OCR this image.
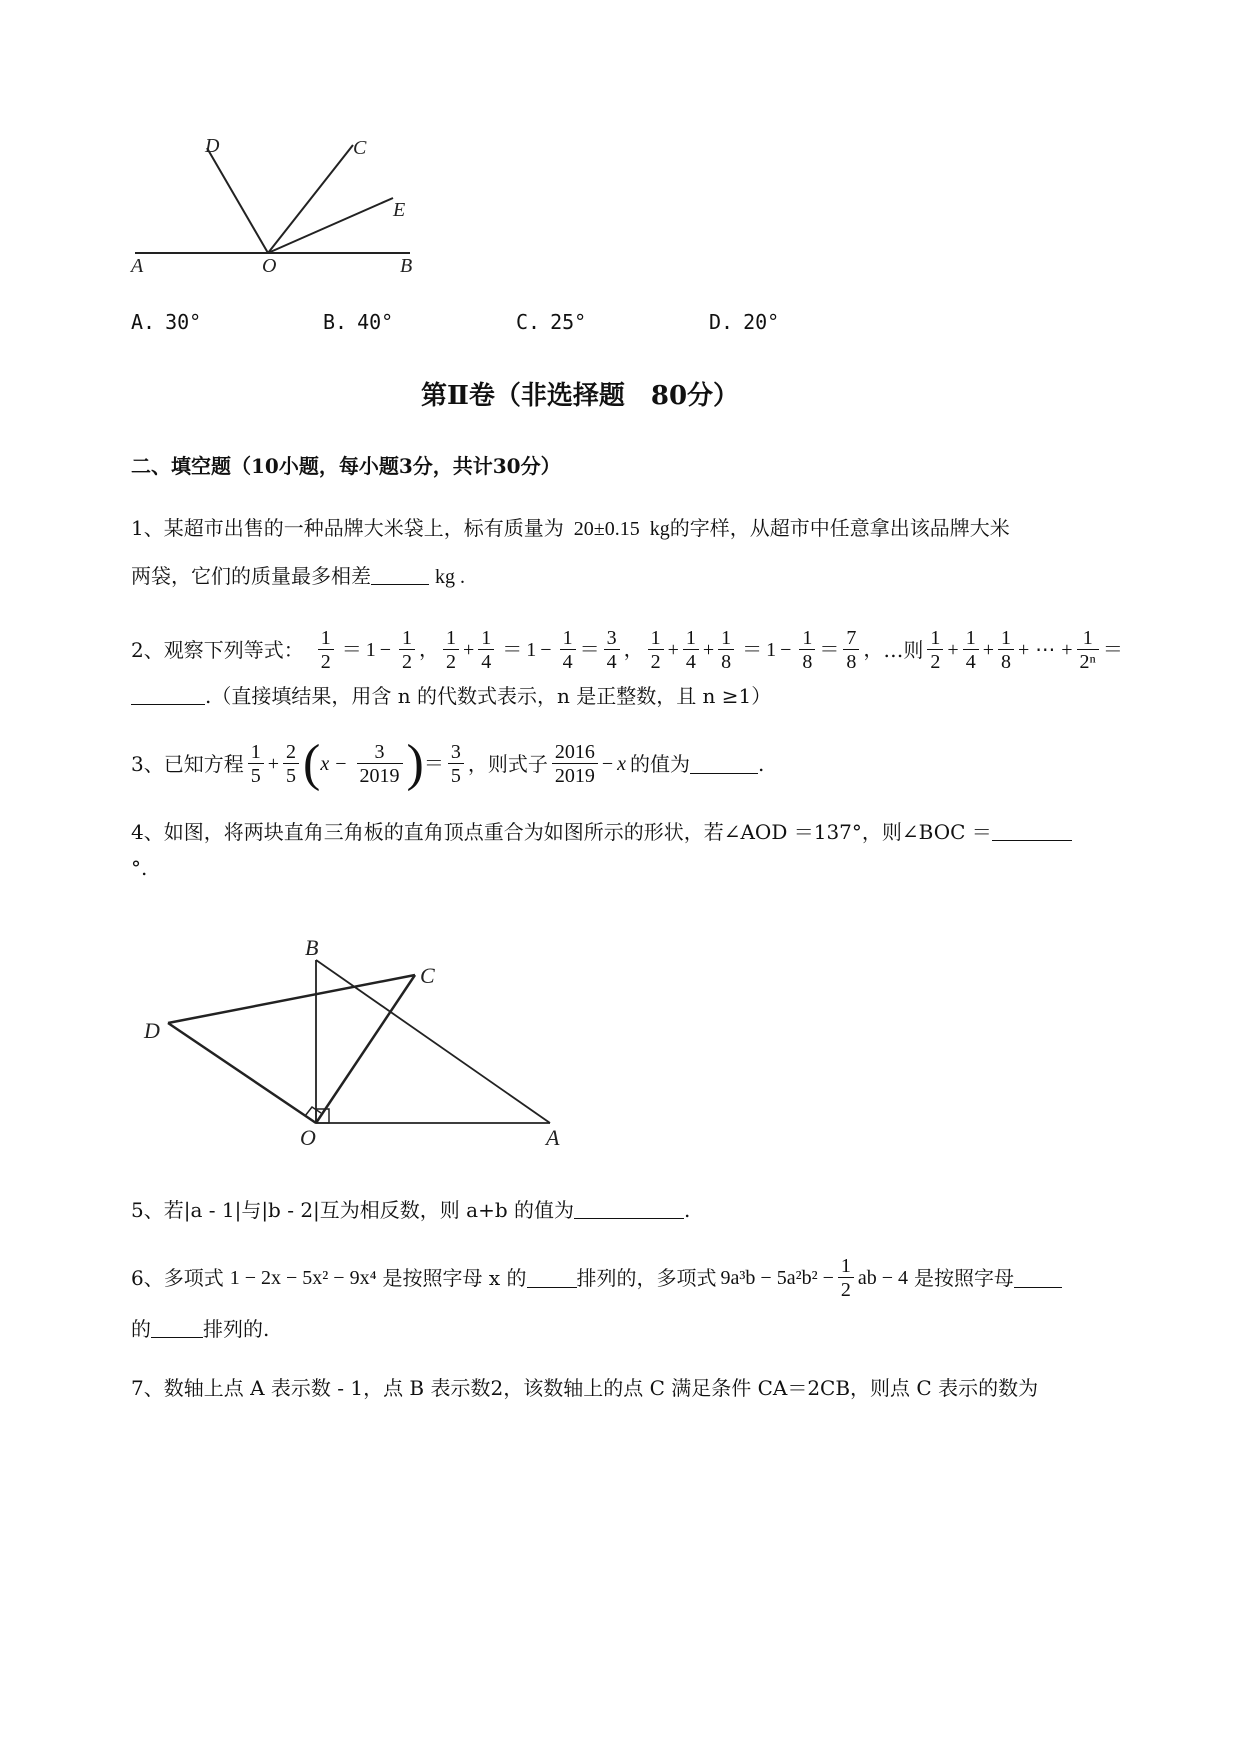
D	C
E
A	O	B
A. 30°	B. 40°	C. 25°	D. 20°
第Ⅱ卷（非选择题　80分）
二、填空题（10小题，每小题3分，共计30分）
1、某超市出售的一种品牌大米袋上，标有质量为 20±0.15 kg的字样，从超市中任意拿出该品牌大米
两袋，它们的质量最多相差	kg .
2、观察下列等式： $\frac{1}{2} = 1 - \frac{1}{2}$ ， $\frac{1}{2} + \frac{1}{4} = 1 - \frac{1}{4} = \frac{3}{4}$ ， $\frac{1}{2} + \frac{1}{4} + \frac{1}{8} = 1 - \frac{1}{8} = \frac{7}{8}$ ， …则 $\frac{1}{2} + \frac{1}{4} + \frac{1}{8}$ + ⋯ + $\frac{1}{\text{2ⁿ}}$ ＝
.（直接填结果，用含 n 的代数式表示，n 是正整数，且 n ≥1）
3、已知方程 $\frac{1}{5} + \frac{2}{5}$ ( $x - \frac{3}{2019}$ ) ＝ $\frac{3}{5}$ ，则式子 $\frac{2016}{2019} - x$ 的值为	.
4、如图，将两块直角三角板的直角顶点重合为如图所示的形状，若∠AOD ＝137°，则∠BOC ＝
°.
B
C
D
O	A
5、若|a - 1|与|b - 2|互为相反数，则 a+b 的值为	.
6、多项式 1 − 2x − 5x² − 9x⁴ 是按照字母 x 的	排列的，多项式 $9a^3b - 5a^2b^2 - \frac{1}{2}$ ab − 4 是按照字母
的	排列的.
7、数轴上点 A 表示数 - 1，点 B 表示数2，该数轴上的点 C 满足条件 CA＝2CB，则点 C 表示的数为
